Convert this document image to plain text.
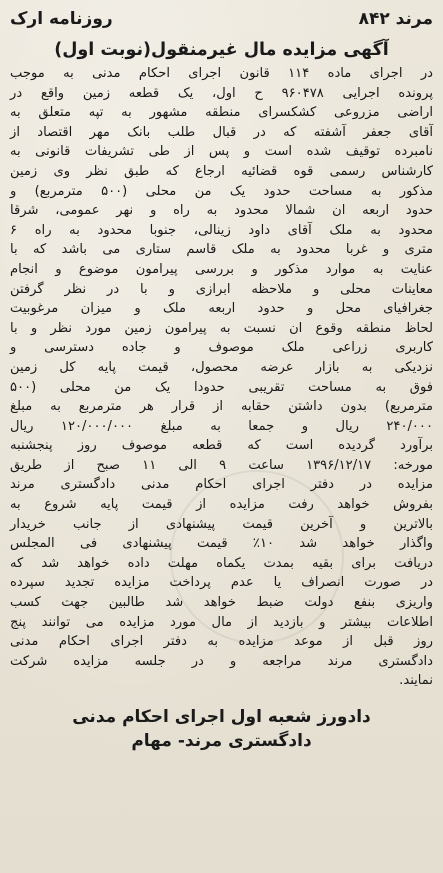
روزنامه ارک	مرند ۸۴۲
آگهی مزایده مال غیرمنقول(نوبت اول)
در اجرای ماده ۱۱۴ قانون اجرای احکام مدنی به موجب
پرونده اجرایی ۹۶۰۴۷۸ ح اول، یک قطعه زمین واقع در
اراضی مزروعی کشکسرای منطقه مشهور به تپه متعلق به
آقای جعفر آشفته که در قبال طلب بانک مهر اقتصاد از
نامبرده توقیف شده است و پس از طی تشریفات قانونی به
کارشناس رسمی قوه قضائیه ارجاع که طبق نظر وی زمین
مذکور به مساحت حدود یک من محلی (۵۰۰ مترمربع) و
حدود اربعه ان شمالا محدود به راه و نهر عمومی، شرقا
محدود به ملک آقای داود زینالی، جنوبا محدود به راه ۶
متری و غربا محدود به ملک قاسم ستاری می باشد که با
عنایت به موارد مذکور و بررسی پیرامون موضوع و انجام
معاینات محلی و ملاحظه ابرازی و با در نظر گرفتن
جغرافیای محل و حدود اربعه ملک و میزان مرغوبیت
لحاظ منطقه وقوع ان نسبت به پیرامون زمین مورد نظر و با
کاربری زراعی ملک موصوف و جاده دسترسی و
نزدیکی به بازار عرضه محصول، قیمت پایه کل زمین
فوق به مساحت تقریبی حدودا یک من محلی (۵۰۰
مترمربع) بدون داشتن حقابه از قرار هر مترمربع به مبلغ
۲۴۰/۰۰۰ ریال و جمعا به مبلغ ۱۲۰/۰۰۰/۰۰۰ ریال
برآورد گردیده است که قطعه موصوف روز پنجشنبه
مورخه: ۱۳۹۶/۱۲/۱۷ ساعت ۹ الی ۱۱ صبح از طریق
مزایده در دفتر اجرای احکام مدنی دادگستری مرند
بفروش خواهد رفت مزایده از قیمت پایه شروع به
بالاترین و آخرین قیمت پیشنهادی از جانب خریدار
واگذار خواهد شد ۱۰٪ قیمت پیشنهادی فی المجلس
دریافت برای بقیه بمدت یکماه مهلت داده خواهد شد که
در صورت انصراف یا عدم پرداخت مزایده تجدید سپرده
واریزی بنفع دولت ضبط خواهد شد طالبین جهت کسب
اطلاعات بیشتر و بازدید از مال مورد مزایده می توانند پنج
روز قبل از موعد مزایده به دفتر اجرای احکام مدنی
دادگستری مرند مراجعه و در جلسه مزایده شرکت
نمایند.
دادورز شعبه اول اجرای احکام مدنی
دادگستری مرند- مهام
